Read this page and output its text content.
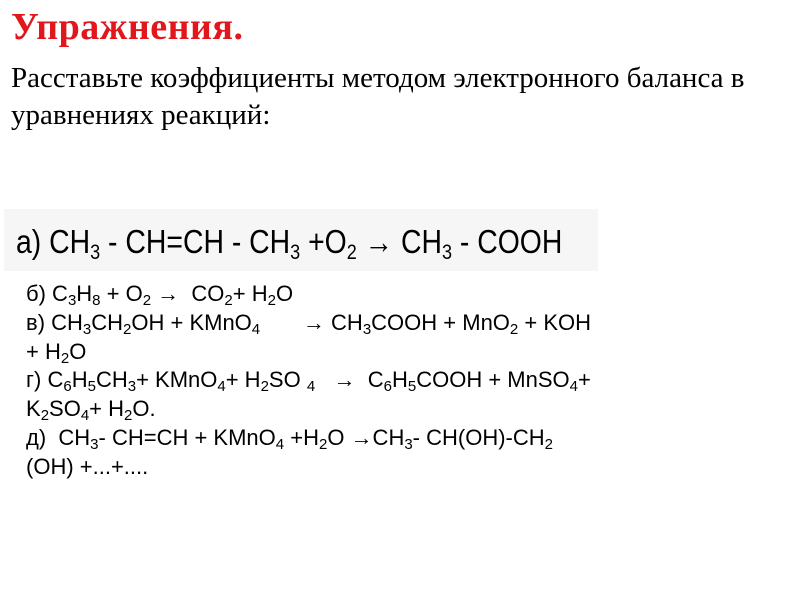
Упражнения.
Расставьте коэффициенты методом электронного баланса в уравнениях реакций:
а) $CH_3 - CH=CH - CH_3 +O_2 \to CH_3$ - COOH
б) $C_3H_8 + O_2 \to CO_2+ H_2O$
в) $CH_3CH_2OH$ + KMnO$_4$       → $CH_3COOH + MnO_2$ + KOH
+ $H_2O$
г) $C_6H_5CH_3+$ KMnO$_4$+ $H_2SO$ $_4 \to C_6H_5COOH$ + MnSO$_4$+
$K_2SO_4+ H_2O$.
д)  $CH_3-$ CH=CH + KMnO$_4$ $+H_2O \to CH_3-$ $CH(OH)-CH_2$
(OH) +...+....
